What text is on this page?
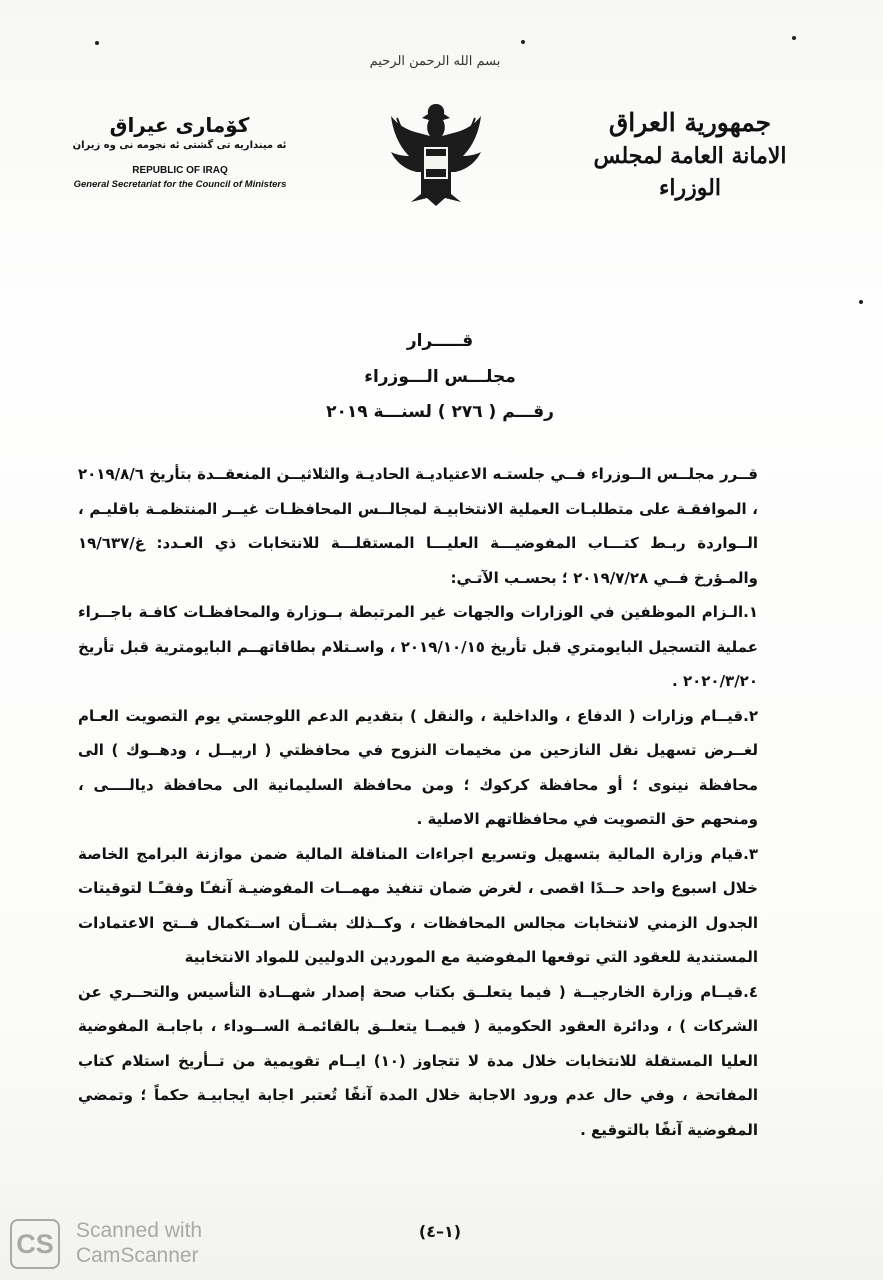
بسم الله الرحمن الرحيم
جمهورية العراق
الامانة العامة لمجلس الوزراء
كۆماری عیراق
ئه‌ مینداریه‌ تی گشتی ئه‌ نجومه‌ نی وه‌ زیران
REPUBLIC OF IRAQ
General Secretariat for the Council of Ministers
قـــــرار
مجلـــس الـــوزراء
رقـــم ( ٢٧٦ ) لسنـــة ٢٠١٩

قــرر مجلــس الــوزراء فــي جلستـه الاعتياديـة الحاديـة والثلاثيــن المنعقــدة بتأريخ ٢٠١٩/٨/٦ ، الموافقـة على متطلبـات العملية الانتخابيـة لمجالــس المحافظـات غيــر المنتظمـة باقليـم ، الــواردة ربـط كتـــاب المفوضيـــة العليـــا المستقلـــة للانتخابات ذي العـدد: غ/١٩/٦٣٧ والمـؤرخ فــي ٢٠١٩/٧/٢٨ ؛ بحسـب الآتـي:

١.الـزام الموظفين في الوزارات والجهات غير المرتبطة بــوزارة والمحافظـات كافـة باجــراء عملية التسجيل البايومتري قبل تأريخ ٢٠١٩/١٠/١٥ ، واسـتلام بطاقاتهــم البايومترية قبل تأريخ ٢٠٢٠/٣/٢٠ .

٢.قيــام وزارات ( الدفاع ، والداخلية ، والنقل ) بتقديم الدعم اللوجستي يوم التصويت العـام لغــرض تسهيل نقل النازحين من مخيمات النزوح في محافظتي ( اربيــل ، ودهــوك ) الى محافظة نينوى ؛ أو محافظة كركوك ؛ ومن محافظة السليمانية الى محافظة ديالــــى ، ومنحهم حق التصويت في محافظاتهم الاصلية .

٣.قيام وزارة المالية بتسهيل وتسريع اجراءات المناقلة المالية ضمن موازنة البرامج الخاصة خلال اسبوع واحد حــدًا اقصى ، لغرض ضمان تنفيذ مهمــات المفوضيـة آنفـًا وفقـًـا لتوقيتات الجدول الزمني لانتخابات مجالس المحافظات ، وكــذلك بشــأن اســتكمال فــتح الاعتمادات المستندية للعقود التي توقعها المفوضية مع الموردين الدوليين للمواد الانتخابية

٤.قيــام وزارة الخارجيــة ( فيما يتعلــق بكتاب صحة إصدار شهــادة التأسيس والتحــري عن الشركات ) ، ودائرة العقود الحكومية ( فيمــا يتعلــق بالقائمـة الســوداء ، باجابـة المفوضية العليا المستقلة للانتخابات خلال مدة لا تتجاوز (١٠) ايــام تقويمية من تــأريخ استلام كتاب المفاتحة ، وفي حال عدم ورود الاجابة خلال المدة آنفًا تُعتبر اجابة ايجابيـة حكماً ؛ وتمضي المفوضية آنفًا بالتوقيع .

(١–٤)
CS Scanned with
CamScanner
